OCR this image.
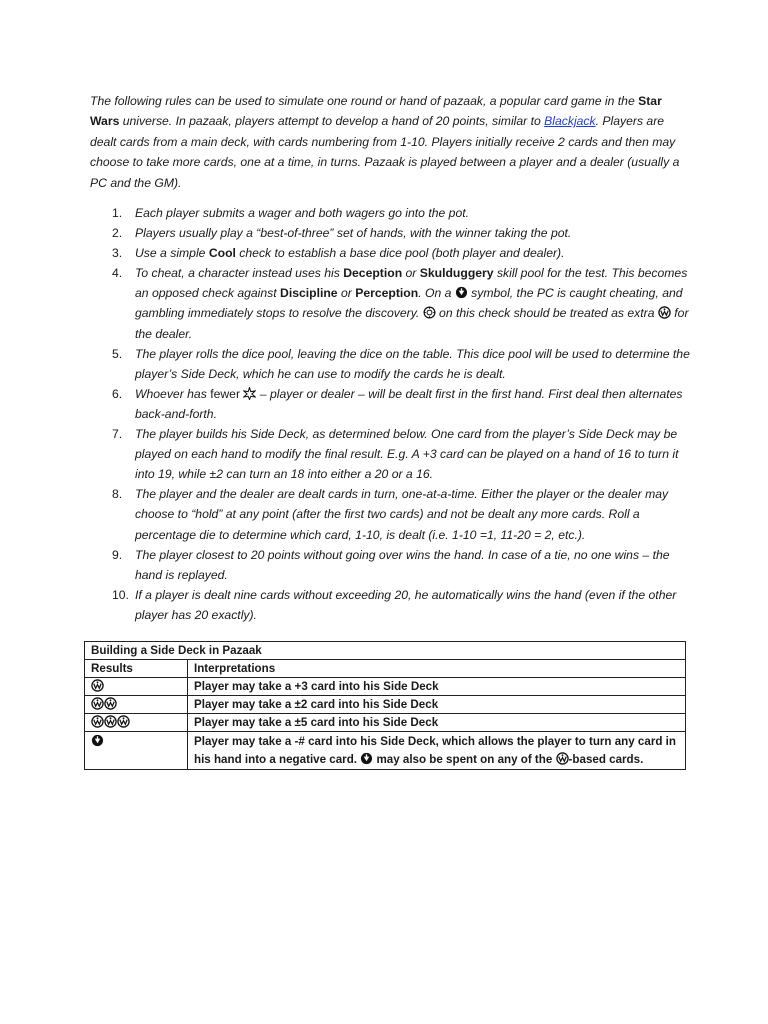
The following rules can be used to simulate one round or hand of pazaak, a popular card game in the Star Wars universe. In pazaak, players attempt to develop a hand of 20 points, similar to Blackjack. Players are dealt cards from a main deck, with cards numbering from 1-10. Players initially receive 2 cards and then may choose to take more cards, one at a time, in turns. Pazaak is played between a player and a dealer (usually a PC and the GM).

1.	Each player submits a wager and both wagers go into the pot.
2.	Players usually play a “best-of-three” set of hands, with the winner taking the pot.
3.	Use a simple Cool check to establish a base dice pool (both player and dealer).
4.	To cheat, a character instead uses his Deception or Skulduggery skill pool for the test. This becomes an opposed check against Discipline or Perception. On a  symbol, the PC is caught cheating, and gambling immediately stops to resolve the discovery.  on this check should be treated as extra  for the dealer.
5.	The player rolls the dice pool, leaving the dice on the table. This dice pool will be used to determine the player’s Side Deck, which he can use to modify the cards he is dealt.
6.	Whoever has fewer  – player or dealer – will be dealt first in the first hand. First deal then alternates back-and-forth.
7.	The player builds his Side Deck, as determined below. One card from the player’s Side Deck may be played on each hand to modify the final result. E.g. A +3 card can be played on a hand of 16 to turn it into 19, while ±2 can turn an 18 into either a 20 or a 16.
8.	The player and the dealer are dealt cards in turn, one-at-a-time. Either the player or the dealer may choose to “hold” at any point (after the first two cards) and not be dealt any more cards. Roll a percentage die to determine which card, 1-10, is dealt (i.e. 1-10 =1, 11-20 = 2, etc.).
9.	The player closest to 20 points without going over wins the hand. In case of a tie, no one wins – the hand is replayed.
10. If a player is dealt nine cards without exceeding 20, he automatically wins the hand (even if the other player has 20 exactly).
Building a Side Deck in Pazaak	
Results	Interpretations
	Player may take a +3 card into his Side Deck
	Player may take a ±2 card into his Side Deck
	Player may take a ±5 card into his Side Deck
	Player may take a -# card into his Side Deck, which allows the player to turn any card in his hand into a negative card.  may also be spent on any of the -based cards.
